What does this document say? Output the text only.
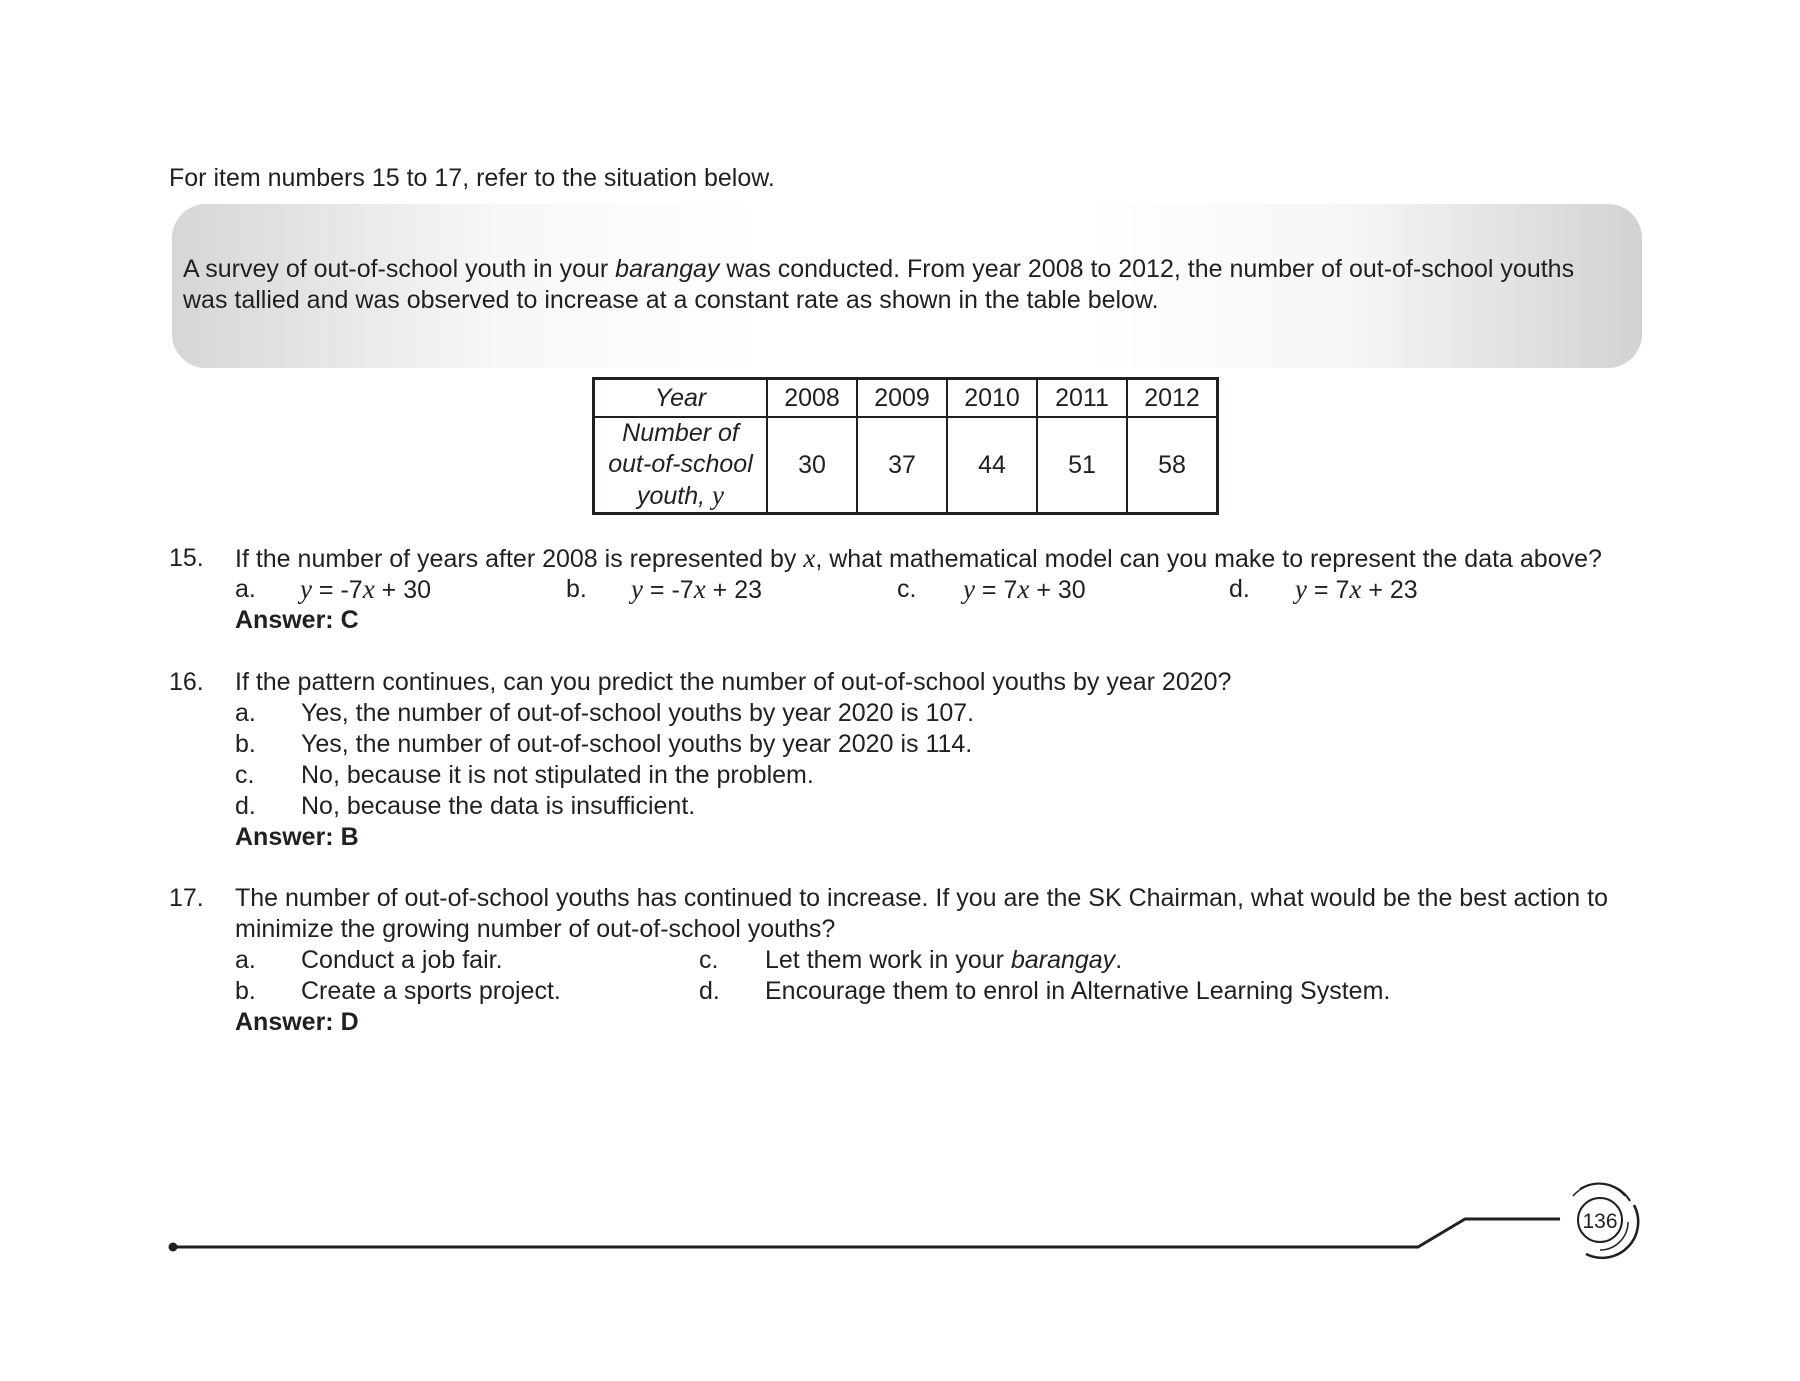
For item numbers 15 to 17, refer to the situation below.
A survey of out-of-school youth in your barangay was conducted. From year 2008 to 2012, the number of out-of-school youths
was tallied and was observed to increase at a constant rate as shown in the table below.
Year	2008	2009	2010	2011	2012

Number of
out-of-school
youth, y	30	37	44	51	58
15. If the number of years after 2008 is represented by x, what mathematical model can you make to represent the data above?
a. y = -7x + 30	b. y = -7x + 23	c. y = 7x + 30	d. y = 7x + 23
Answer: C
16. If the pattern continues, can you predict the number of out-of-school youths by year 2020?
a. Yes, the number of out-of-school youths by year 2020 is 107.
b. Yes, the number of out-of-school youths by year 2020 is 114.
c. No, because it is not stipulated in the problem.
d. No, because the data is insufficient.
Answer: B
17. The number of out-of-school youths has continued to increase. If you are the SK Chairman, what would be the best action to
minimize the growing number of out-of-school youths?
a. Conduct a job fair.	c. Let them work in your barangay.
b. Create a sports project.	d. Encourage them to enrol in Alternative Learning System.
Answer: D
136
